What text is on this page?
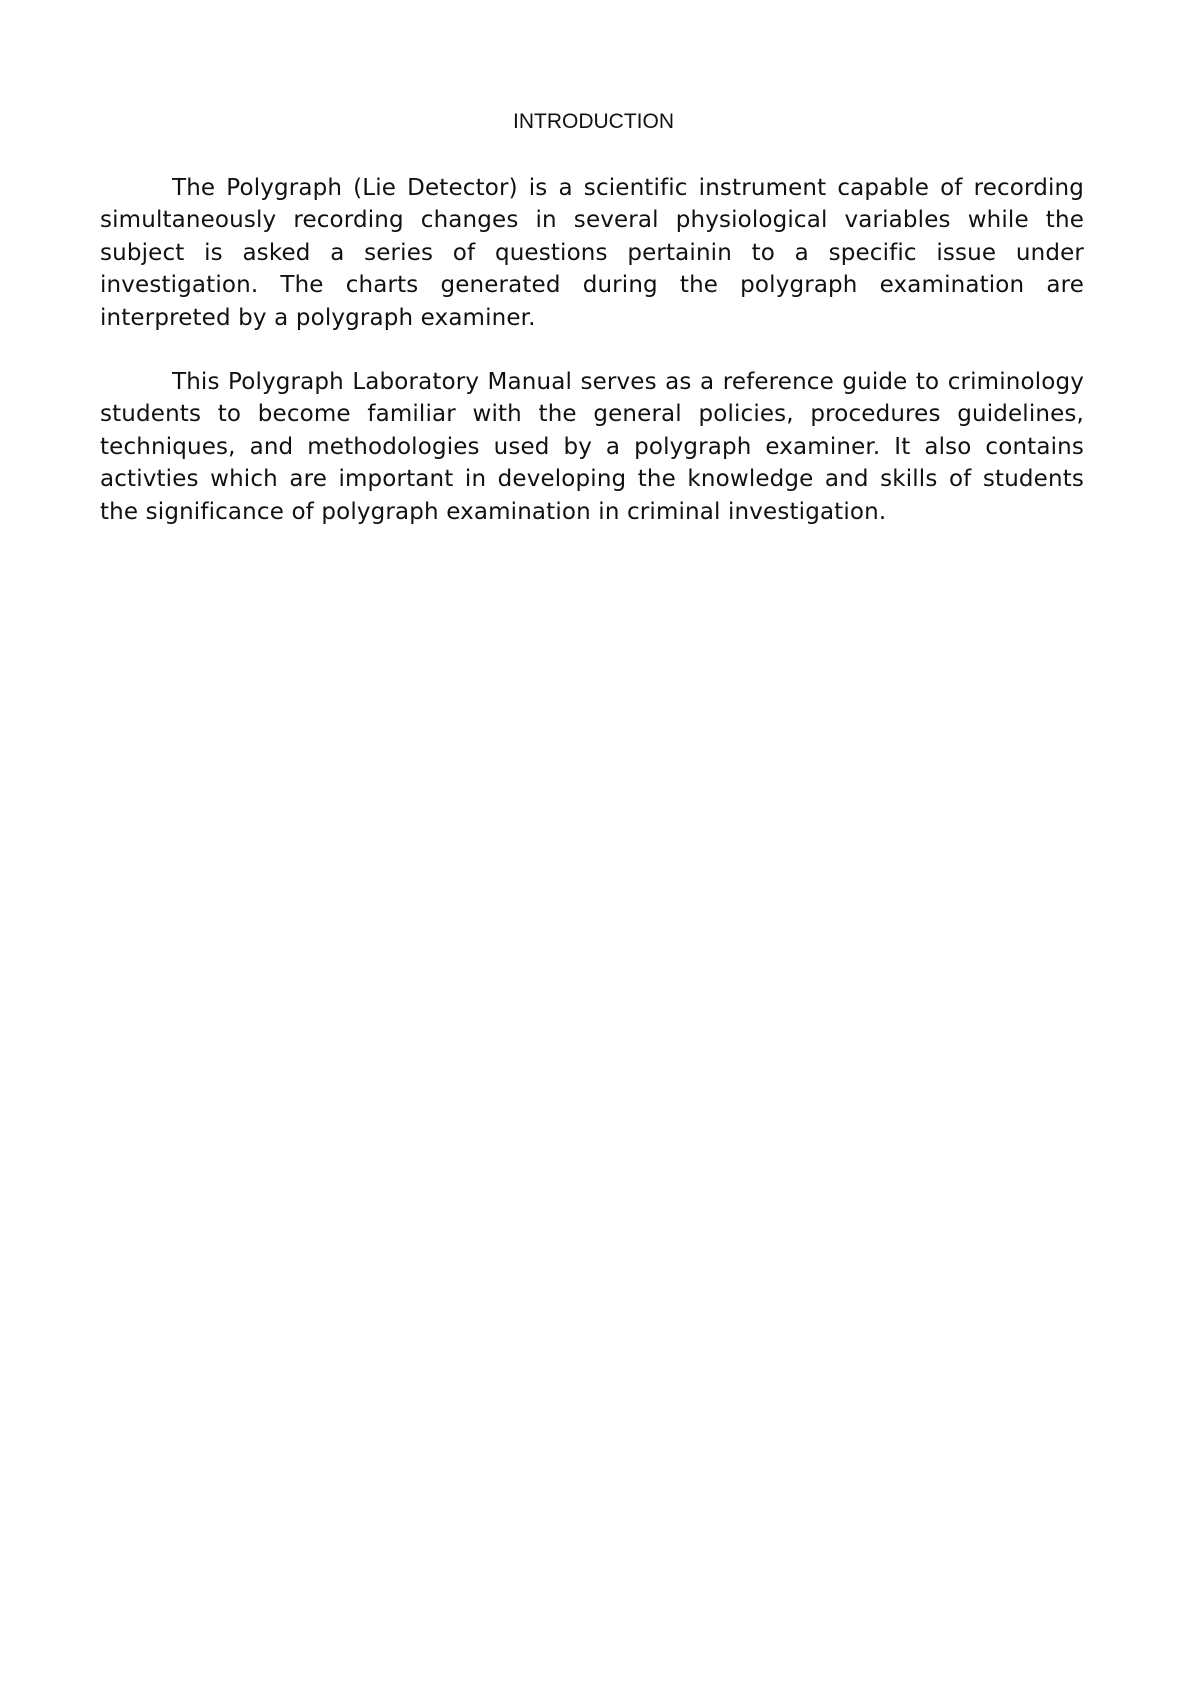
INTRODUCTION

The Polygraph (Lie Detector) is a scientific instrument capable of recording simultaneously recording changes in several physiological variables while the subject is asked a series of questions pertainin to a specific issue under investigation. The charts generated during the polygraph examination are interpreted by a polygraph examiner.

This Polygraph Laboratory Manual serves as a reference guide to criminology students to become familiar with the general policies, procedures guidelines, techniques, and methodologies used by a polygraph examiner. It also contains activties which are important in developing the knowledge and skills of students the significance of polygraph examination in criminal investigation.
